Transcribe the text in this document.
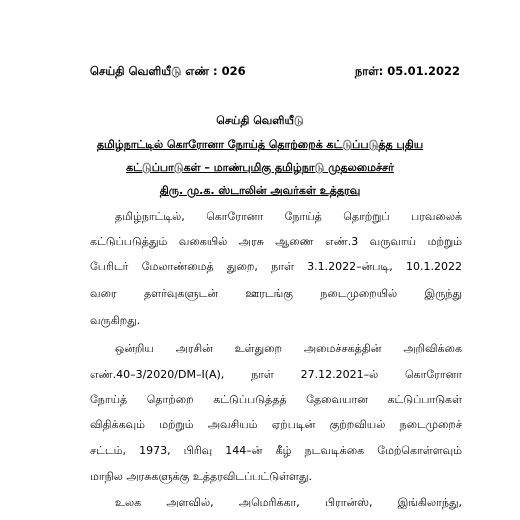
செய்தி வெளியீடு எண் : 026	நாள்: 05.01.2022
செய்தி வெளியீடு
தமிழ்நாட்டில் கொரோனா நோய்த் தொற்றைக் கட்டுப்படுத்த புதிய
கட்டுப்பாடுகள் – மாண்புமிகு தமிழ்நாடு முதலமைச்சர்
திரு. மு.க. ஸ்டாலின் அவர்கள் உத்தரவு
தமிழ்நாட்டில், கொரோனா நோய்த் தொற்றுப் பரவலைக்
கட்டுப்படுத்தும் வகையில் அரசு ஆணை எண்.3 வருவாய் மற்றும்
பேரிடர் மேலாண்மைத் துறை, நாள் 3.1.2022–ன்படி, 10.1.2022
வரை தளர்வுகளுடன் ஊரடங்கு நடைமுறையில் இருந்து
வருகிறது.
ஒன்றிய அரசின் உள்துறை அமைச்சகத்தின் அறிவிக்கை
எண்.40–3/2020/DM–I(A), நாள் 27.12.2021–ல் கொரோனா
நோய்த் தொற்றை கட்டுப்படுத்தத் தேவையான கட்டுப்பாடுகள்
விதிக்கவும் மற்றும் அவசியம் ஏற்படின் குற்றவியல் நடைமுறைச்
சட்டம், 1973, பிரிவு 144–ன் கீழ் நடவடிக்கை மேற்கொள்ளவும்
மாநில அரசுகளுக்கு உத்தரவிடப்பட்டுள்ளது.
உலக அளவில், அமெரிக்கா, பிரான்ஸ், இங்கிலாந்து,
